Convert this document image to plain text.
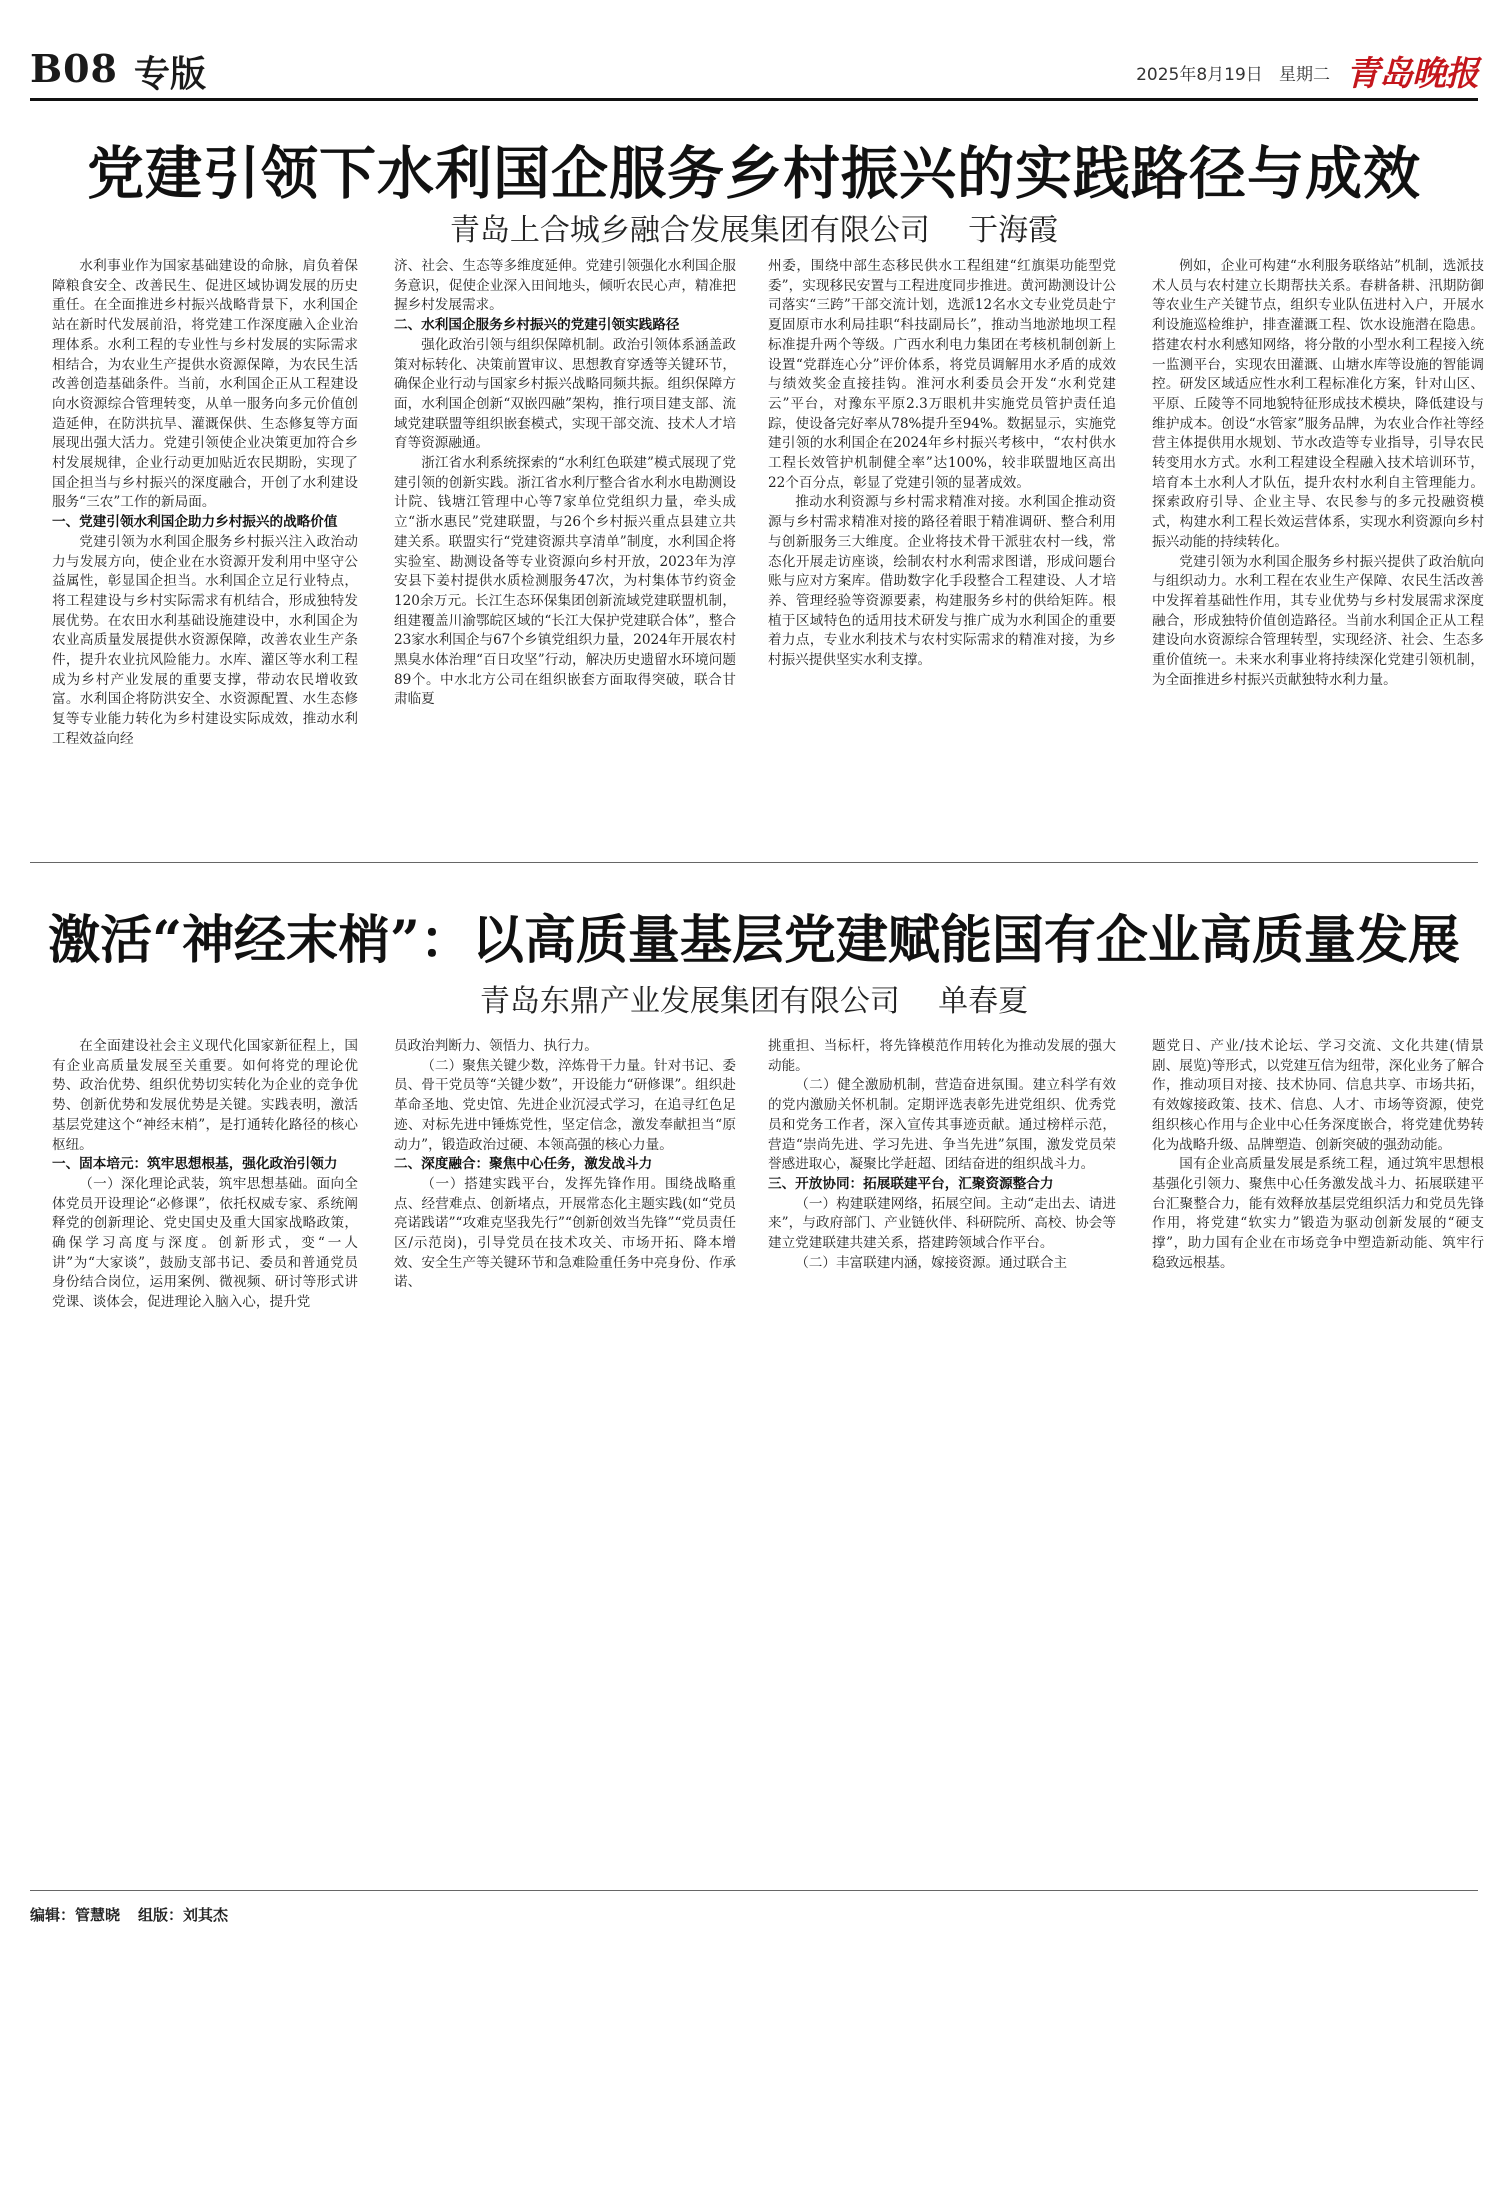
B08 专版	2025年8月19日 星期二 青岛晚报
党建引领下水利国企服务乡村振兴的实践路径与成效
青岛上合城乡融合发展集团有限公司 于海霞

水利事业作为国家基础建设的命脉，肩负着保障粮食安全、改善民生、促进区域协调发展的历史重任。在全面推进乡村振兴战略背景下，水利国企站在新时代发展前沿，将党建工作深度融入企业治理体系。水利工程的专业性与乡村发展的实际需求相结合，为农业生产提供水资源保障，为农民生活改善创造基础条件。当前，水利国企正从工程建设向水资源综合管理转变，从单一服务向多元价值创造延伸，在防洪抗旱、灌溉保供、生态修复等方面展现出强大活力。党建引领使企业决策更加符合乡村发展规律，企业行动更加贴近农民期盼，实现了国企担当与乡村振兴的深度融合，开创了水利建设服务“三农”工作的新局面。

一、党建引领水利国企助力乡村振兴的战略价值

党建引领为水利国企服务乡村振兴注入政治动力与发展方向，使企业在水资源开发利用中坚守公益属性，彰显国企担当。水利国企立足行业特点，将工程建设与乡村实际需求有机结合，形成独特发展优势。在农田水利基础设施建设中，水利国企为农业高质量发展提供水资源保障，改善农业生产条件，提升农业抗风险能力。水库、灌区等水利工程成为乡村产业发展的重要支撑，带动农民增收致富。水利国企将防洪安全、水资源配置、水生态修复等专业能力转化为乡村建设实际成效，推动水利工程效益向经

济、社会、生态等多维度延伸。党建引领强化水利国企服务意识，促使企业深入田间地头，倾听农民心声，精准把握乡村发展需求。

二、水利国企服务乡村振兴的党建引领实践路径

强化政治引领与组织保障机制。政治引领体系涵盖政策对标转化、决策前置审议、思想教育穿透等关键环节，确保企业行动与国家乡村振兴战略同频共振。组织保障方面，水利国企创新“双嵌四融”架构，推行项目建支部、流域党建联盟等组织嵌套模式，实现干部交流、技术人才培育等资源融通。

浙江省水利系统探索的“水利红色联建”模式展现了党建引领的创新实践。浙江省水利厅整合省水利水电勘测设计院、钱塘江管理中心等7家单位党组织力量，牵头成立“浙水惠民”党建联盟，与26个乡村振兴重点县建立共建关系。联盟实行“党建资源共享清单”制度，水利国企将实验室、勘测设备等专业资源向乡村开放，2023年为淳安县下姜村提供水质检测服务47次，为村集体节约资金120余万元。长江生态环保集团创新流域党建联盟机制，组建覆盖川渝鄂皖区域的“长江大保护党建联合体”，整合23家水利国企与67个乡镇党组织力量，2024年开展农村黑臭水体治理“百日攻坚”行动，解决历史遗留水环境问题89个。中水北方公司在组织嵌套方面取得突破，联合甘肃临夏

州委，围绕中部生态移民供水工程组建“红旗渠功能型党委”，实现移民安置与工程进度同步推进。黄河勘测设计公司落实“三跨”干部交流计划，选派12名水文专业党员赴宁夏固原市水利局挂职“科技副局长”，推动当地淤地坝工程标准提升两个等级。广西水利电力集团在考核机制创新上设置“党群连心分”评价体系，将党员调解用水矛盾的成效与绩效奖金直接挂钩。淮河水利委员会开发“水利党建云”平台，对豫东平原2.3万眼机井实施党员管护责任追踪，使设备完好率从78%提升至94%。数据显示，实施党建引领的水利国企在2024年乡村振兴考核中，“农村供水工程长效管护机制健全率”达100%，较非联盟地区高出22个百分点，彰显了党建引领的显著成效。

推动水利资源与乡村需求精准对接。水利国企推动资源与乡村需求精准对接的路径着眼于精准调研、整合利用与创新服务三大维度。企业将技术骨干派驻农村一线，常态化开展走访座谈，绘制农村水利需求图谱，形成问题台账与应对方案库。借助数字化手段整合工程建设、人才培养、管理经验等资源要素，构建服务乡村的供给矩阵。根植于区域特色的适用技术研发与推广成为水利国企的重要着力点，专业水利技术与农村实际需求的精准对接，为乡村振兴提供坚实水利支撑。

例如，企业可构建“水利服务联络站”机制，选派技术人员与农村建立长期帮扶关系。春耕备耕、汛期防御等农业生产关键节点，组织专业队伍进村入户，开展水利设施巡检维护，排查灌溉工程、饮水设施潜在隐患。搭建农村水利感知网络，将分散的小型水利工程接入统一监测平台，实现农田灌溉、山塘水库等设施的智能调控。研发区域适应性水利工程标准化方案，针对山区、平原、丘陵等不同地貌特征形成技术模块，降低建设与维护成本。创设“水管家”服务品牌，为农业合作社等经营主体提供用水规划、节水改造等专业指导，引导农民转变用水方式。水利工程建设全程融入技术培训环节，培育本土水利人才队伍，提升农村水利自主管理能力。探索政府引导、企业主导、农民参与的多元投融资模式，构建水利工程长效运营体系，实现水利资源向乡村振兴动能的持续转化。

党建引领为水利国企服务乡村振兴提供了政治航向与组织动力。水利工程在农业生产保障、农民生活改善中发挥着基础性作用，其专业优势与乡村发展需求深度融合，形成独特价值创造路径。当前水利国企正从工程建设向水资源综合管理转型，实现经济、社会、生态多重价值统一。未来水利事业将持续深化党建引领机制，为全面推进乡村振兴贡献独特水利力量。

激活“神经末梢”：以高质量基层党建赋能国有企业高质量发展
青岛东鼎产业发展集团有限公司 单春夏

在全面建设社会主义现代化国家新征程上，国有企业高质量发展至关重要。如何将党的理论优势、政治优势、组织优势切实转化为企业的竞争优势、创新优势和发展优势是关键。实践表明，激活基层党建这个“神经末梢”，是打通转化路径的核心枢纽。

一、固本培元：筑牢思想根基，强化政治引领力

（一）深化理论武装，筑牢思想基础。面向全体党员开设理论“必修课”，依托权威专家、系统阐释党的创新理论、党史国史及重大国家战略政策，确保学习高度与深度。创新形式，变“一人讲”为“大家谈”，鼓励支部书记、委员和普通党员身份结合岗位，运用案例、微视频、研讨等形式讲党课、谈体会，促进理论入脑入心，提升党

员政治判断力、领悟力、执行力。

（二）聚焦关键少数，淬炼骨干力量。针对书记、委员、骨干党员等“关键少数”，开设能力“研修课”。组织赴革命圣地、党史馆、先进企业沉浸式学习，在追寻红色足迹、对标先进中锤炼党性，坚定信念，激发奉献担当“原动力”，锻造政治过硬、本领高强的核心力量。

二、深度融合：聚焦中心任务，激发战斗力

（一）搭建实践平台，发挥先锋作用。围绕战略重点、经营难点、创新堵点，开展常态化主题实践(如“党员亮诺践诺”“攻难克坚我先行”“创新创效当先锋”“党员责任区/示范岗)，引导党员在技术攻关、市场开拓、降本增效、安全生产等关键环节和急难险重任务中亮身份、作承诺、

挑重担、当标杆，将先锋模范作用转化为推动发展的强大动能。

（二）健全激励机制，营造奋进氛围。建立科学有效的党内激励关怀机制。定期评选表彰先进党组织、优秀党员和党务工作者，深入宣传其事迹贡献。通过榜样示范，营造“崇尚先进、学习先进、争当先进”氛围，激发党员荣誉感进取心，凝聚比学赶超、团结奋进的组织战斗力。

三、开放协同：拓展联建平台，汇聚资源整合力

（一）构建联建网络，拓展空间。主动“走出去、请进来”，与政府部门、产业链伙伴、科研院所、高校、协会等建立党建联建共建关系，搭建跨领域合作平台。

（二）丰富联建内涵，嫁接资源。通过联合主

题党日、产业/技术论坛、学习交流、文化共建(情景剧、展览)等形式，以党建互信为纽带，深化业务了解合作，推动项目对接、技术协同、信息共享、市场共拓，有效嫁接政策、技术、信息、人才、市场等资源，使党组织核心作用与企业中心任务深度嵌合，将党建优势转化为战略升级、品牌塑造、创新突破的强劲动能。

国有企业高质量发展是系统工程，通过筑牢思想根基强化引领力、聚焦中心任务激发战斗力、拓展联建平台汇聚整合力，能有效释放基层党组织活力和党员先锋作用，将党建“软实力”锻造为驱动创新发展的“硬支撑”，助力国有企业在市场竞争中塑造新动能、筑牢行稳致远根基。

编辑：管慧晓 组版：刘其杰
